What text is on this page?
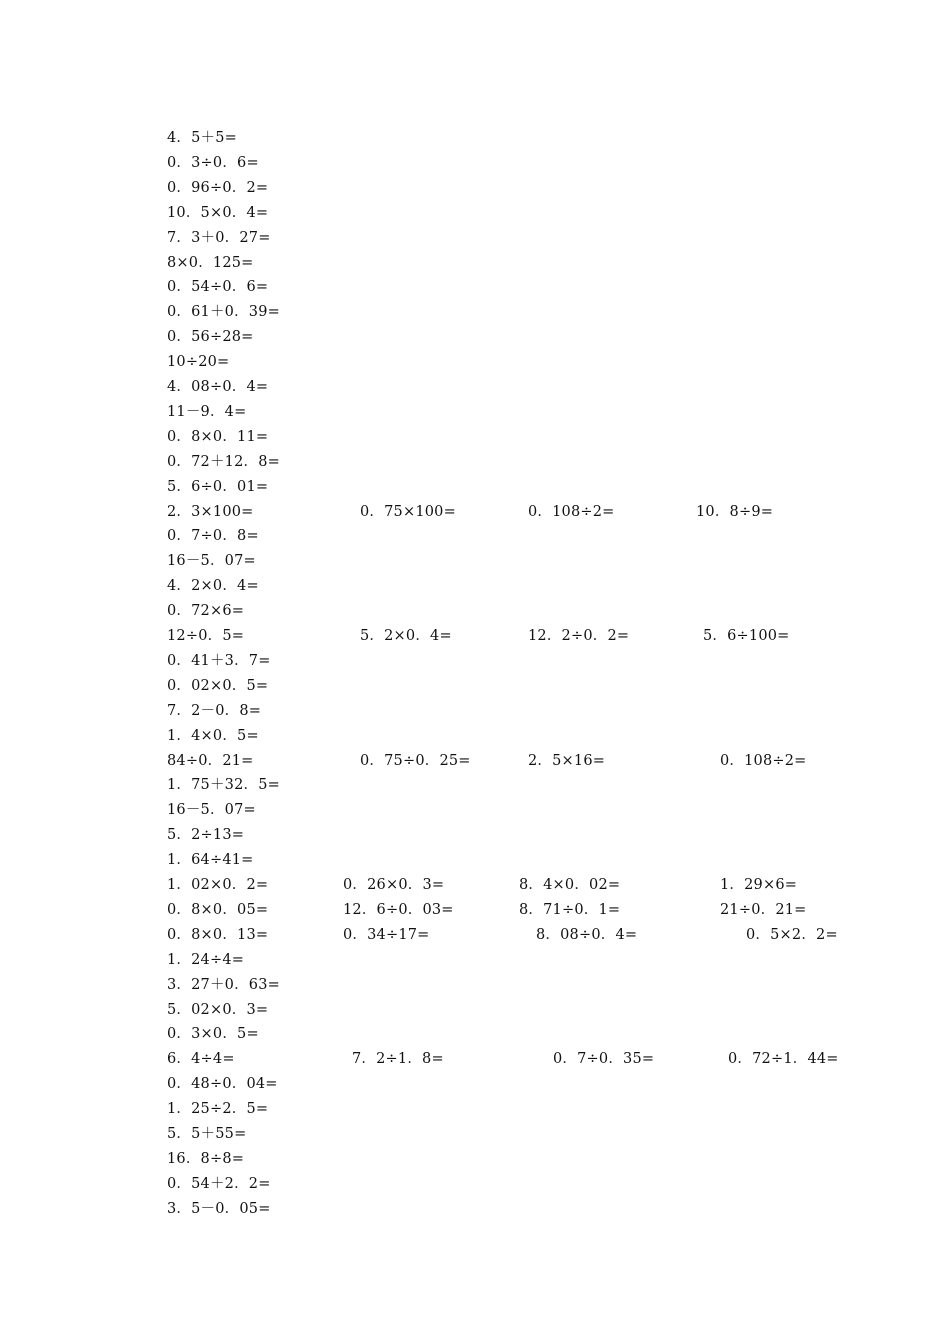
4．5＋5=
0．3÷0．6=
0．96÷0．2=
10．5×0．4=
7．3＋0．27=
8×0．125=
0．54÷0．6=
0．61＋0．39=
0．56÷28=
10÷20=
4．08÷0．4=
11－9．4=
0．8×0．11=
0．72＋12．8=
5．6÷0．01=
2．3×100=	0．75×100=	0．108÷2=	10．8÷9=
0．7÷0．8=
16－5．07=
4．2×0．4=
0．72×6=
12÷0．5=	5．2×0．4=	12．2÷0．2=	5．6÷100=
0．41＋3．7=
0．02×0．5=
7．2－0．8=
1．4×0．5=
84÷0．21=	0．75÷0．25=	2．5×16=	0．108÷2=
1．75＋32．5=
16－5．07=
5．2÷13=
1．64÷41=
1．02×0．2=	0．26×0．3=	8．4×0．02=	1．29×6=
0．8×0．05=	12．6÷0．03=	8．71÷0．1=	21÷0．21=
0．8×0．13=	0．34÷17=	8．08÷0．4=	0．5×2．2=
1．24÷4=
3．27＋0．63=
5．02×0．3=
0．3×0．5=
6．4÷4=	7．2÷1．8=	0．7÷0．35=	0．72÷1．44=
0．48÷0．04=
1．25÷2．5=
5．5＋55=
16．8÷8=
0．54＋2．2=
3．5－0．05=
